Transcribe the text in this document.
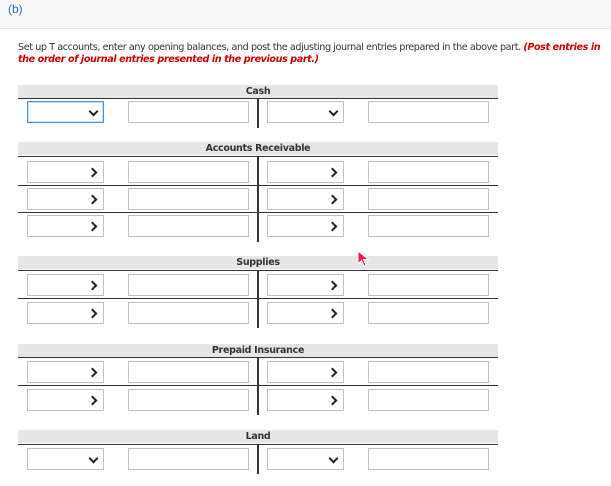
(b)
Set up T accounts, enter any opening balances, and post the adjusting journal entries prepared in the above part. (Post entries in the order of journal entries presented in the previous part.)
Cash
Accounts Receivable
Supplies
Prepaid Insurance
Land
